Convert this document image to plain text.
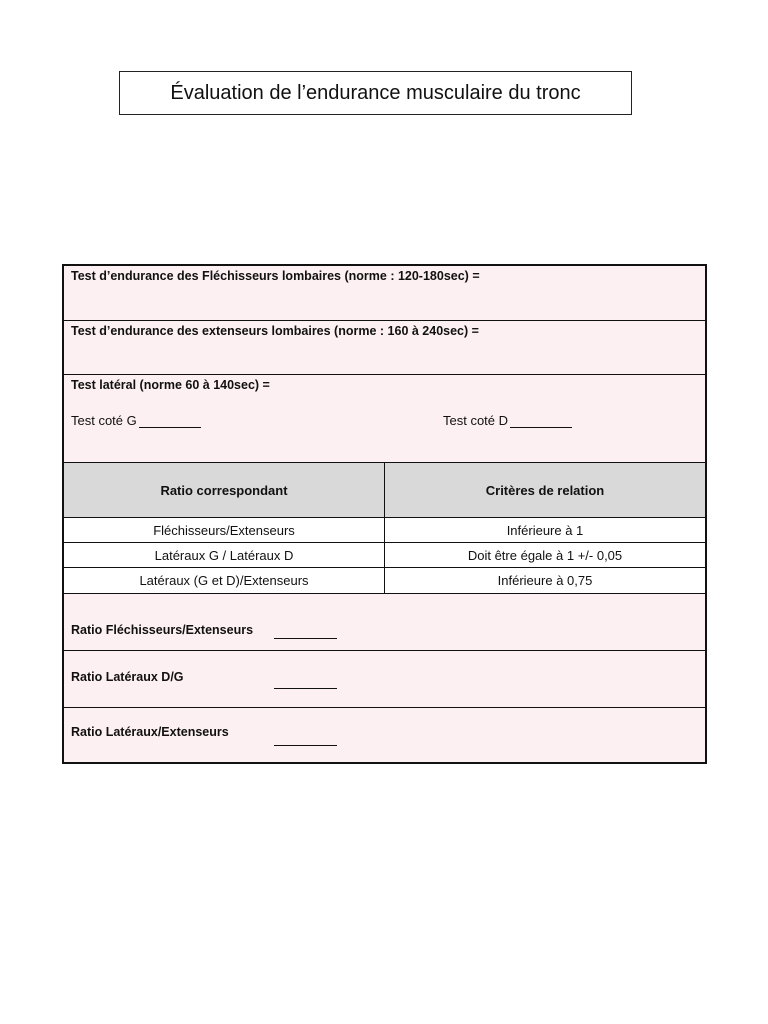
Évaluation de l’endurance musculaire du tronc
Test d’endurance des Fléchisseurs lombaires (norme : 120-180sec) =
Test d’endurance des extenseurs lombaires (norme : 160 à 240sec) =
Test latéral (norme 60 à 140sec) =
Test coté G	Test coté D
Ratio correspondant	Critères de relation
Fléchisseurs/Extenseurs	Inférieure à 1
Latéraux G / Latéraux D	Doit être égale à 1 +/- 0,05
Latéraux (G et D)/Extenseurs	Inférieure à 0,75
Ratio Fléchisseurs/Extenseurs
Ratio Latéraux D/G
Ratio Latéraux/Extenseurs
